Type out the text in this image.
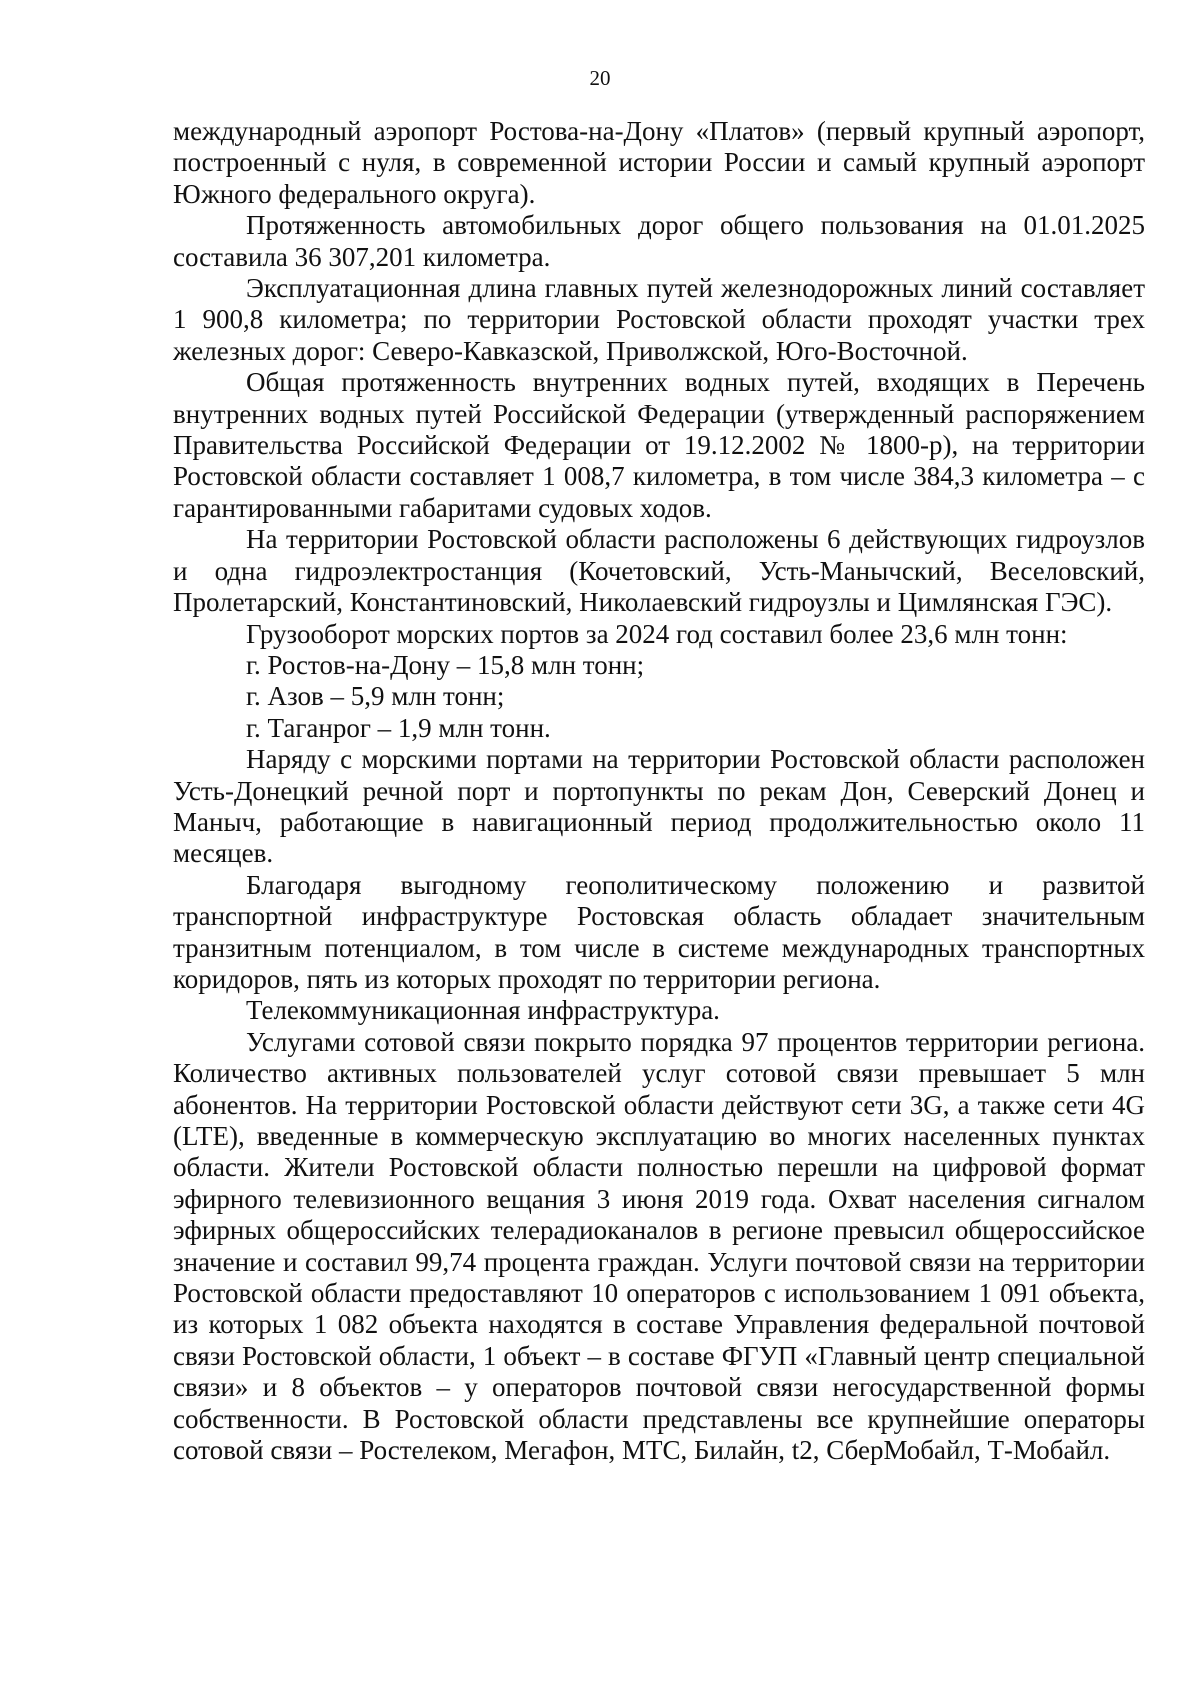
20

международный аэропорт Ростова-на-Дону «Платов» (первый крупный аэропорт, построенный с нуля, в современной истории России и самый крупный аэропорт Южного федерального округа).

Протяженность автомобильных дорог общего пользования на 01.01.2025 составила 36 307,201 километра.

Эксплуатационная длина главных путей железнодорожных линий составляет 1 900,8 километра; по территории Ростовской области проходят участки трех железных дорог: Северо-Кавказской, Приволжской, Юго-Восточной.

Общая протяженность внутренних водных путей, входящих в Перечень внутренних водных путей Российской Федерации (утвержденный распоряжением Правительства Российской Федерации от 19.12.2002 № 1800-р), на территории Ростовской области составляет 1 008,7 километра, в том числе 384,3 километра – с гарантированными габаритами судовых ходов.

На территории Ростовской области расположены 6 действующих гидроузлов и одна гидроэлектростанция (Кочетовский, Усть-Манычский, Веселовский, Пролетарский, Константиновский, Николаевский гидроузлы и Цимлянская ГЭС).

Грузооборот морских портов за 2024 год составил более 23,6 млн тонн:

г. Ростов-на-Дону – 15,8 млн тонн;

г. Азов – 5,9 млн тонн;

г. Таганрог – 1,9 млн тонн.

Наряду с морскими портами на территории Ростовской области расположен Усть-Донецкий речной порт и портопункты по рекам Дон, Северский Донец и Маныч, работающие в навигационный период продолжительностью около 11 месяцев.

Благодаря выгодному геополитическому положению и развитой транспортной инфраструктуре Ростовская область обладает значительным транзитным потенциалом, в том числе в системе международных транспортных коридоров, пять из которых проходят по территории региона.

Телекоммуникационная инфраструктура.

Услугами сотовой связи покрыто порядка 97 процентов территории региона. Количество активных пользователей услуг сотовой связи превышает 5 млн абонентов. На территории Ростовской области действуют сети 3G, а также сети 4G (LTE), введенные в коммерческую эксплуатацию во многих населенных пунктах области. Жители Ростовской области полностью перешли на цифровой формат эфирного телевизионного вещания 3 июня 2019 года. Охват населения сигналом эфирных общероссийских телерадиоканалов в регионе превысил общероссийское значение и составил 99,74 процента граждан. Услуги почтовой связи на территории Ростовской области предоставляют 10 операторов с использованием 1 091 объекта, из которых 1 082 объекта находятся в составе Управления федеральной почтовой связи Ростовской области, 1 объект – в составе ФГУП «Главный центр специальной связи» и 8 объектов – у операторов почтовой связи негосударственной формы собственности. В Ростовской области представлены все крупнейшие операторы сотовой связи – Ростелеком, Мегафон, МТС, Билайн, t2, СберМобайл, Т-Мобайл.
